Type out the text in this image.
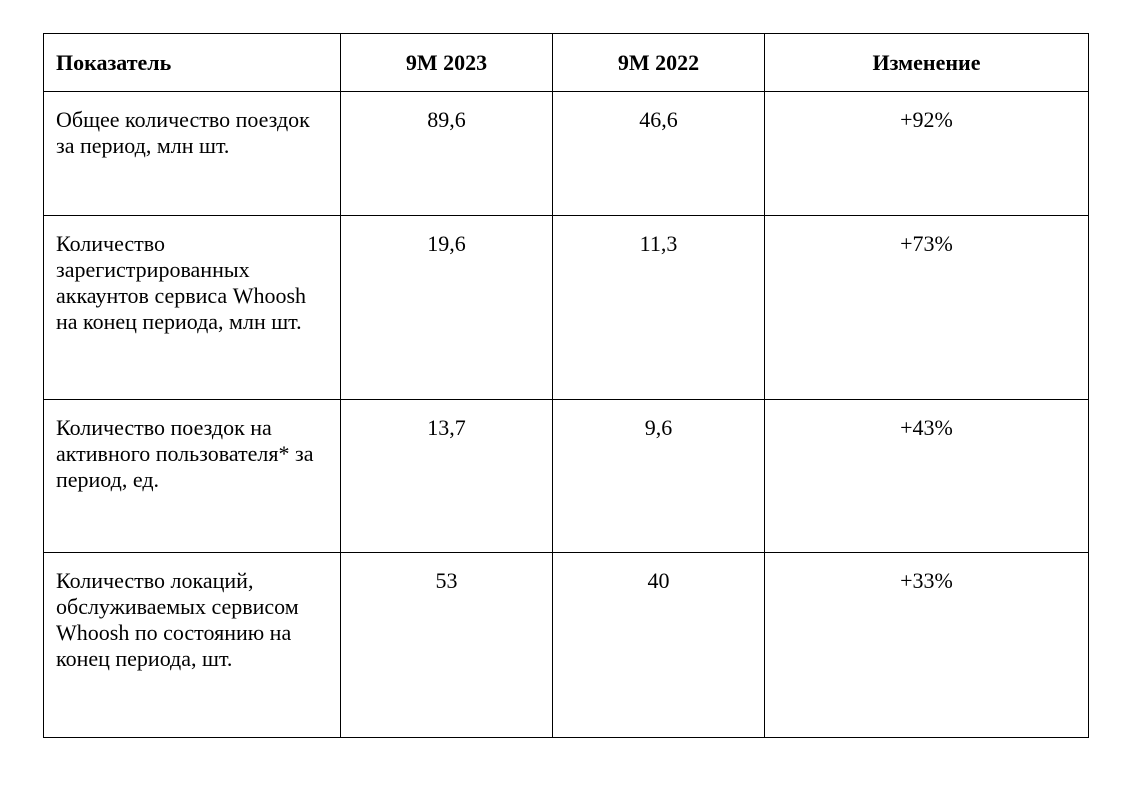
Показатель	9M 2023	9M 2022	Изменение
Общее количество поездок за период, млн шт.	89,6	46,6	+92%
Количество зарегистрированных аккаунтов сервиса Whoosh на конец периода, млн шт.	19,6	11,3	+73%
Количество поездок на активного пользователя* за период, ед.	13,7	9,6	+43%
Количество локаций, обслуживаемых сервисом Whoosh по состоянию на конец периода, шт.	53	40	+33%
